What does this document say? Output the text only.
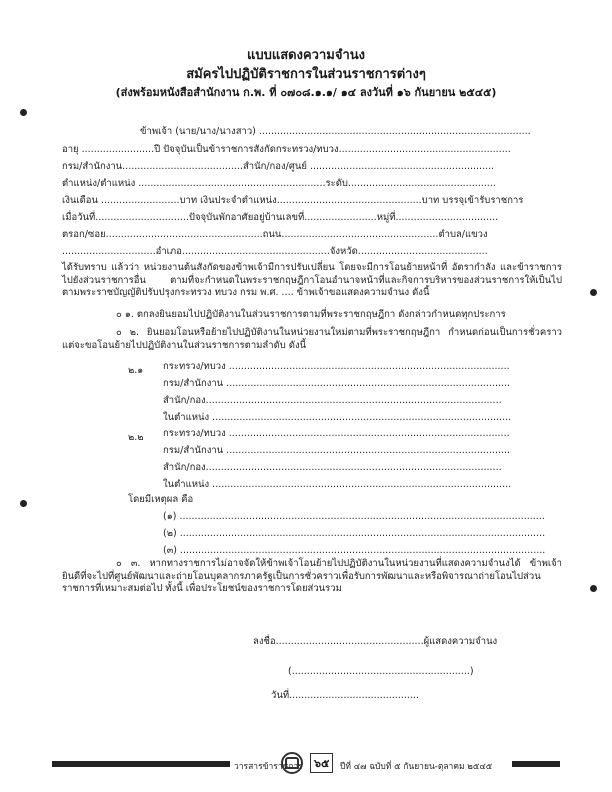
แบบแสดงความจำนง
สมัครไปปฏิบัติราชการในส่วนราชการต่างๆ
(ส่งพร้อมหนังสือสำนักงาน ก.พ. ที่ ๐๗๐๘.๑.๑/ ๑๔ ลงวันที่ ๑๖ กันยายน ๒๕๔๕)
ข้าพเจ้า (นาย/นาง/นางสาว) ..........................................................................................
อายุ ........................ปี ปัจจุบันเป็นข้าราชการสังกัดกระทรวง/ทบวง.........................................................
กรม/สำนักงาน........................................สำนัก/กอง/ศูนย์ .............................................................
ตำแหน่ง/ตำแหน่ง ..............................................................ระดับ.................................................
เงินเดือน ..........................บาท เงินประจำตำแหน่ง................................................บาท บรรจุเข้ารับราชการ
เมื่อวันที่...............................ปัจจุบันพักอาศัยอยู่บ้านเลขที่........................หมู่ที่..................................
ตรอก/ซอย....................................................ถนน....................................................ตำบล/แขวง
...............................อำเภอ.................................................จังหวัด...........................................
ได้รับทราบ แล้วว่า หน่วยงานต้นสังกัดของข้าพเจ้ามีการปรับเปลี่ยน โดยจะมีการโอนย้ายหน้าที่ อัตรากำลัง และข้าราชการ ไปยังส่วนราชการอื่น ตามที่จะกำหนดในพระราชกฤษฎีกาโอนอำนาจหน้าที่และกิจการบริหารของส่วนราชการให้เป็นไปตามพระราชบัญญัติปรับปรุงกระทรวง ทบวง กรม พ.ศ. .... ข้าพเจ้าขอแสดงความจำนง ดังนี้
๐ ๑. ตกลงยินยอมไปปฏิบัติงานในส่วนราชการตามที่พระราชกฤษฎีกา ดังกล่าวกำหนดทุกประการ
๐ ๒. ยินยอมโอนหรือย้ายไปปฏิบัติงานในหน่วยงานใหม่ตามที่พระราชกฤษฎีกา กำหนดก่อนเป็นการชั่วคราว แต่จะขอโอนย้ายไปปฏิบัติงานในส่วนราชการตามลำดับ ดังนี้
๒.๑ กระทรวง/ทบวง .............................................................................................
กรม/สำนักงาน ..............................................................................................
สำนัก/กอง..................................................................................................
ในตำแหน่ง ...................................................................................................
๒.๒ กระทรวง/ทบวง .............................................................................................
กรม/สำนักงาน ..............................................................................................
สำนัก/กอง..................................................................................................
ในตำแหน่ง ...................................................................................................
โดยมีเหตุผล คือ
(๑) .........................................................................................................................
(๒) .........................................................................................................................
(๓) .........................................................................................................................
๐ ๓. หากทางราชการไม่อาจจัดให้ข้าพเจ้าโอนย้ายไปปฏิบัติงานในหน่วยงานที่แสดงความจำนงได้ ข้าพเจ้ายินดีที่จะไปที่ศูนย์พัฒนาและถ่ายโอนบุคลากรภาครัฐเป็นการชั่วคราวเพื่อรับการพัฒนาและหรือพิจารณาถ่ายโอนไปส่วนราชการที่เหมาะสมต่อไป ทั้งนี้ เพื่อประโยชน์ของราชการโดยส่วนรวม
ลงชื่อ.................................................ผู้แสดงความจำนง
(...........................................................)
วันที่...........................................
วารสารข้าราชการ	๖๕	ปีที่ ๔๗ ฉบับที่ ๕ กันยายน-ตุลาคม ๒๕๔๕
